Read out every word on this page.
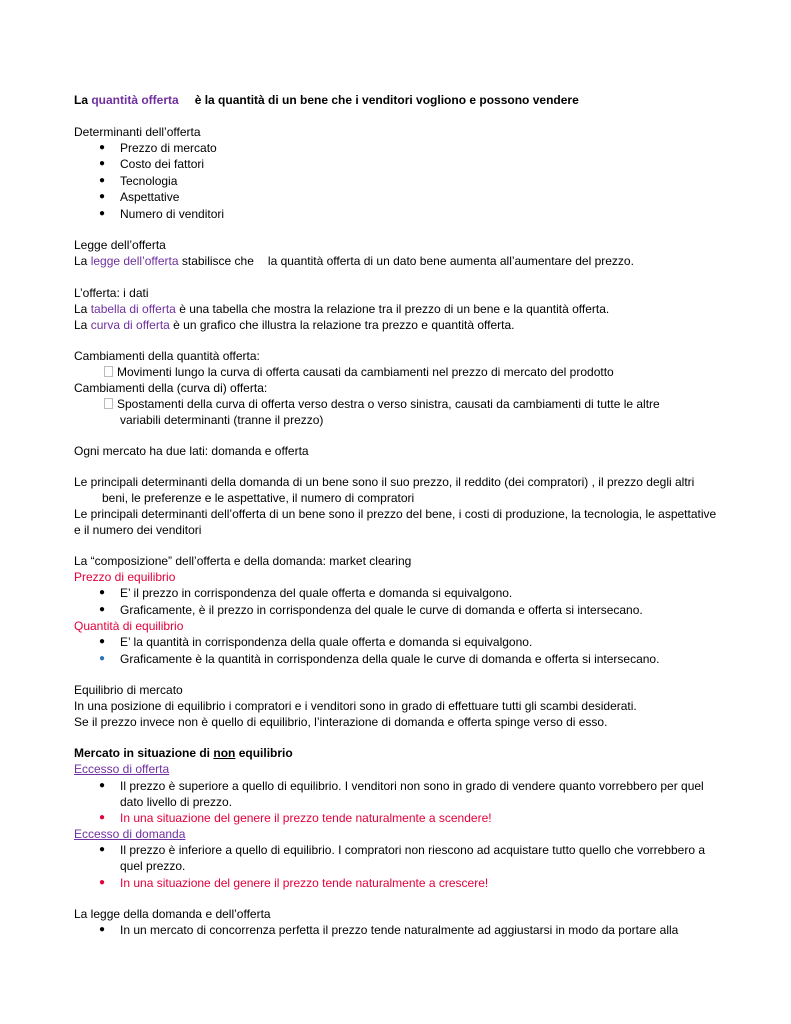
La quantità offerta è la quantità di un bene che i venditori vogliono e possono vendere
Determinanti dell’offerta
● Prezzo di mercato
● Costo dei fattori
● Tecnologia
● Aspettative
● Numero di venditori
Legge dell’offerta
La legge dell’offerta stabilisce che la quantità offerta di un dato bene aumenta all’aumentare del prezzo.
L’offerta: i dati
La tabella di offerta è una tabella che mostra la relazione tra il prezzo di un bene e la quantità offerta.
La curva di offerta è un grafico che illustra la relazione tra prezzo e quantità offerta.
Cambiamenti della quantità offerta:
Movimenti lungo la curva di offerta causati da cambiamenti nel prezzo di mercato del prodotto
Cambiamenti della (curva di) offerta:
Spostamenti della curva di offerta verso destra o verso sinistra, causati da cambiamenti di tutte le altre
variabili determinanti (tranne il prezzo)
Ogni mercato ha due lati: domanda e offerta
Le principali determinanti della domanda di un bene sono il suo prezzo, il reddito (dei compratori) , il prezzo degli altri
beni, le preferenze e le aspettative, il numero di compratori
Le principali determinanti dell’offerta di un bene sono il prezzo del bene, i costi di produzione, la tecnologia, le aspettative
e il numero dei venditori
La “composizione” dell’offerta e della domanda: market clearing
Prezzo di equilibrio
● E’ il prezzo in corrispondenza del quale offerta e domanda si equivalgono.
● Graficamente, è il prezzo in corrispondenza del quale le curve di domanda e offerta si intersecano.
Quantità di equilibrio
● E’ la quantità in corrispondenza della quale offerta e domanda si equivalgono.
● Graficamente è la quantità in corrispondenza della quale le curve di domanda e offerta si intersecano.
Equilibrio di mercato
In una posizione di equilibrio i compratori e i venditori sono in grado di effettuare tutti gli scambi desiderati.
Se il prezzo invece non è quello di equilibrio, l’interazione di domanda e offerta spinge verso di esso.
Mercato in situazione di non equilibrio
Eccesso di offerta
● Il prezzo è superiore a quello di equilibrio. I venditori non sono in grado di vendere quanto vorrebbero per quel
dato livello di prezzo.
● In una situazione del genere il prezzo tende naturalmente a scendere!
Eccesso di domanda
● Il prezzo è inferiore a quello di equilibrio. I compratori non riescono ad acquistare tutto quello che vorrebbero a
quel prezzo.
● In una situazione del genere il prezzo tende naturalmente a crescere!
La legge della domanda e dell’offerta
● In un mercato di concorrenza perfetta il prezzo tende naturalmente ad aggiustarsi in modo da portare alla
